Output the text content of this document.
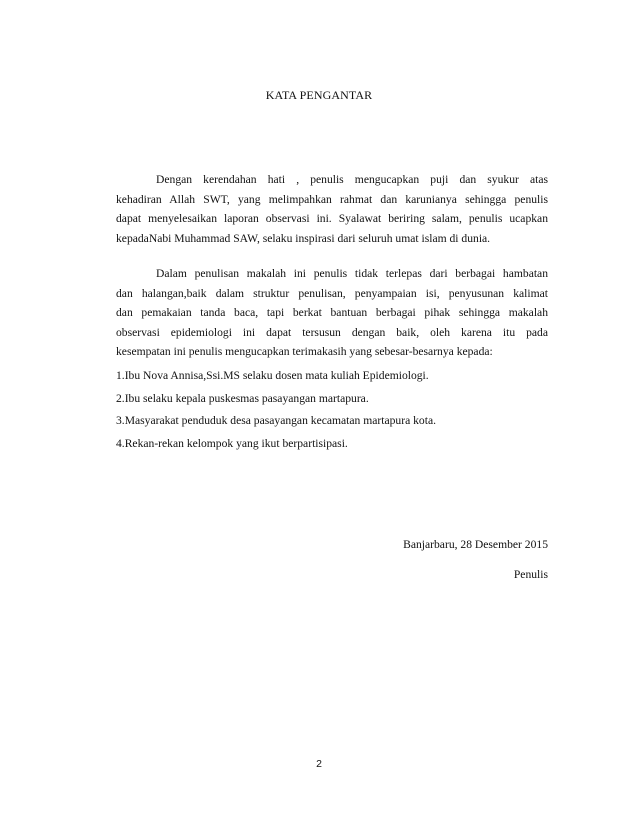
KATA PENGANTAR
Dengan kerendahan hati , penulis mengucapkan puji dan syukur atas
kehadiran Allah SWT, yang melimpahkan rahmat dan karunianya sehingga penulis
dapat menyelesaikan laporan observasi ini. Syalawat beriring salam, penulis ucapkan
kepadaNabi Muhammad SAW, selaku inspirasi dari seluruh umat islam di dunia.
Dalam penulisan makalah ini penulis tidak terlepas dari berbagai hambatan
dan halangan,baik dalam struktur penulisan, penyampaian isi, penyusunan kalimat
dan pemakaian tanda baca, tapi berkat bantuan berbagai pihak sehingga makalah
observasi epidemiologi ini dapat tersusun dengan baik, oleh karena itu pada
kesempatan ini penulis mengucapkan terimakasih yang sebesar-besarnya kepada:
1.Ibu Nova Annisa,Ssi.MS selaku dosen mata kuliah Epidemiologi.
2.Ibu selaku kepala puskesmas pasayangan martapura.
3.Masyarakat penduduk desa pasayangan kecamatan martapura kota.
4.Rekan-rekan kelompok yang ikut berpartisipasi.
Banjarbaru, 28 Desember 2015
Penulis
2
